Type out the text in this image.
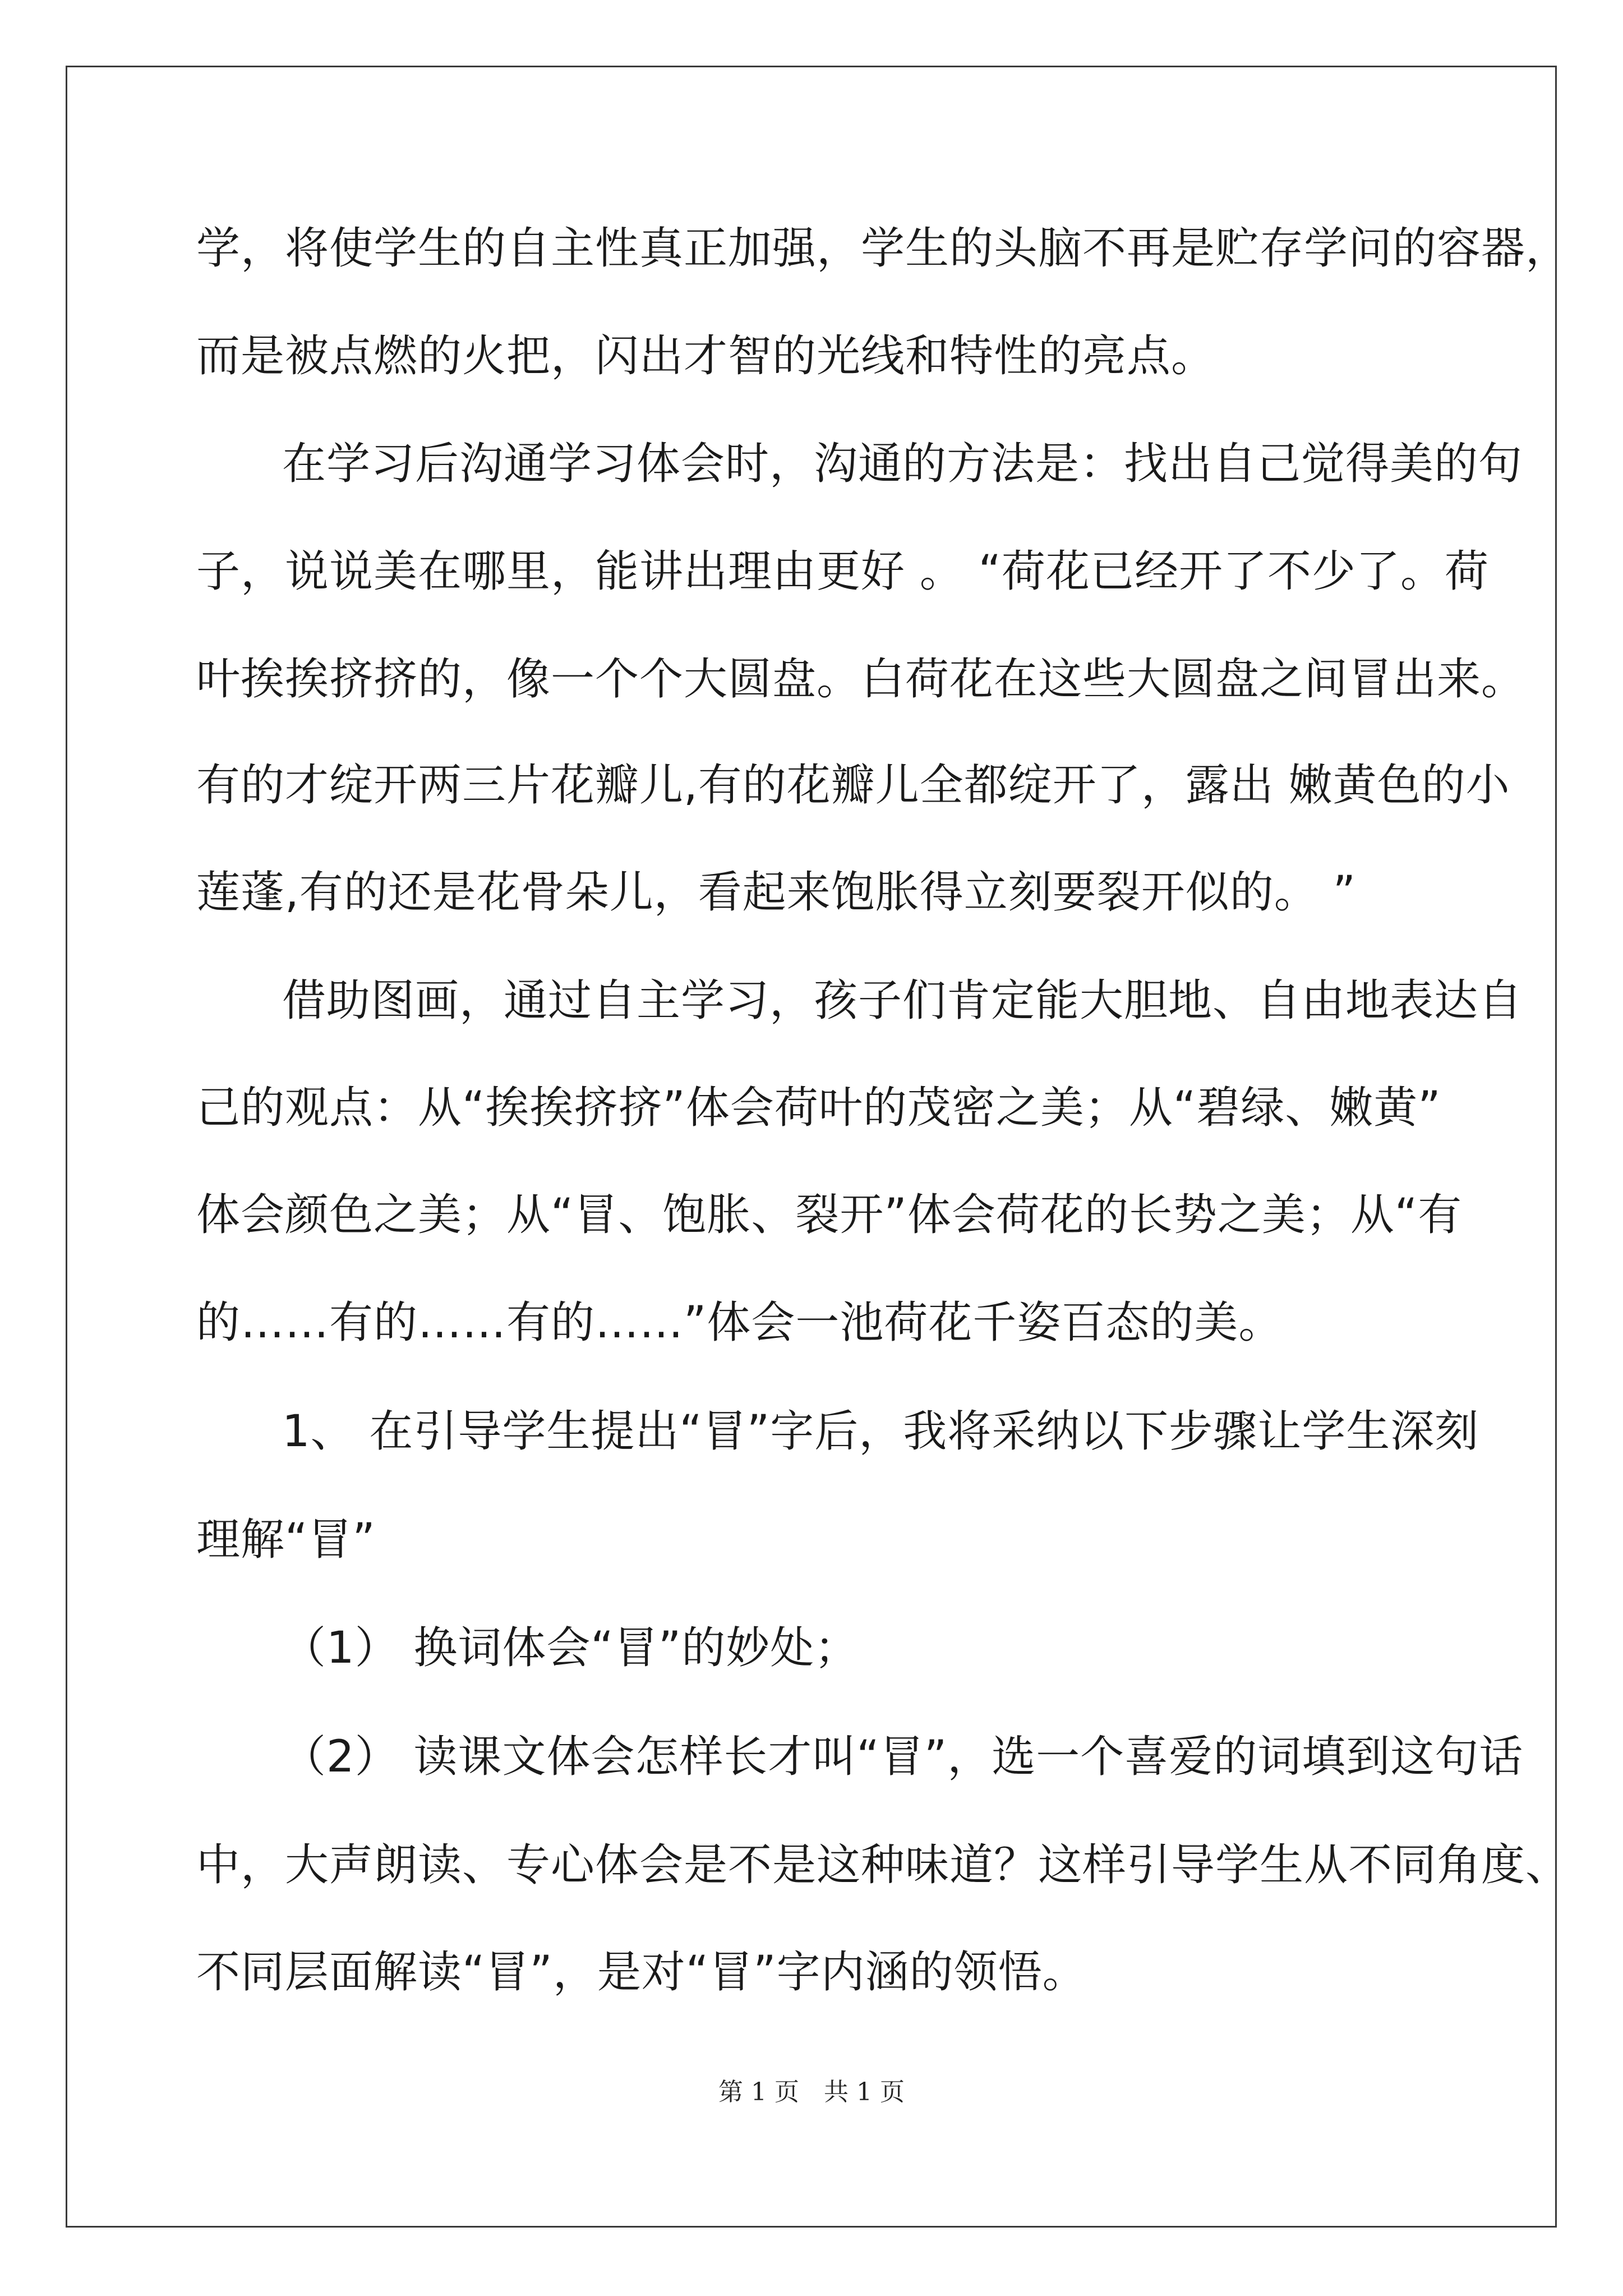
学，将使学生的自主性真正加强，学生的头脑不再是贮存学问的容器，
而是被点燃的火把，闪出才智的光线和特性的亮点。
在学习后沟通学习体会时，沟通的方法是：找出自己觉得美的句
子，说说美在哪里，能讲出理由更好 。 “荷花已经开了不少了。荷
叶挨挨挤挤的，像一个个大圆盘。白荷花在这些大圆盘之间冒出来。
有的才绽开两三片花瓣儿,有的花瓣儿全都绽开了，露出 嫩黄色的小
莲蓬,有的还是花骨朵儿，看起来饱胀得立刻要裂开似的。 ”
借助图画，通过自主学习，孩子们肯定能大胆地、自由地表达自
己的观点：从“挨挨挤挤”体会荷叶的茂密之美；从“碧绿、嫩黄”
体会颜色之美；从“冒、饱胀、裂开”体会荷花的长势之美；从“有
的……有的……有的……”体会一池荷花千姿百态的美。
1、 在引导学生提出“冒”字后，我将采纳以下步骤让学生深刻
理解“冒”
（1） 换词体会“冒”的妙处；
（2） 读课文体会怎样长才叫“冒”，选一个喜爱的词填到这句话
中，大声朗读、专心体会是不是这种味道？这样引导学生从不同角度、
不同层面解读“冒”，是对“冒”字内涵的领悟。
第 1 页　共 1 页
